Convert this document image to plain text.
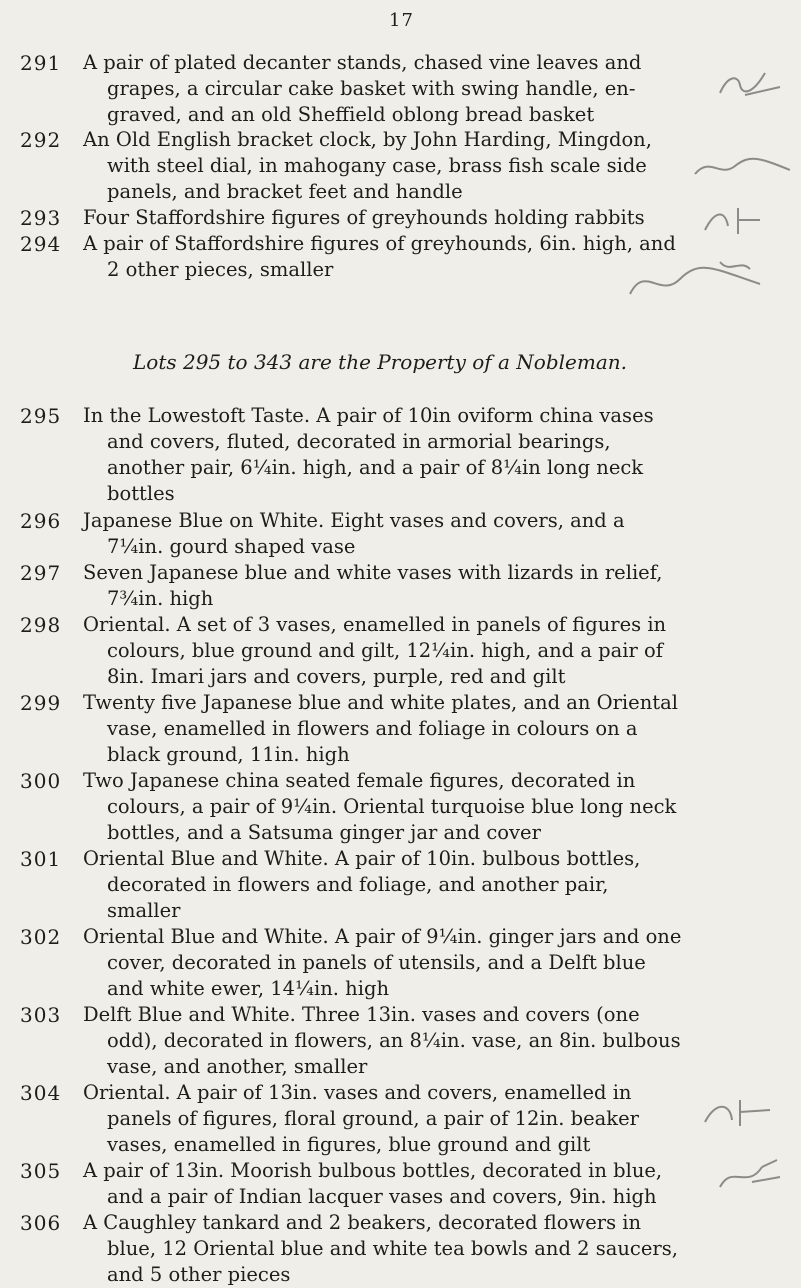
17
291	A pair of plated decanter stands, chased vine leaves and
grapes, a circular cake basket with swing handle, en-
graved, and an old Sheffield oblong bread basket
292	An Old English bracket clock, by John Harding, Mingdon,
with steel dial, in mahogany case, brass fish scale side
panels, and bracket feet and handle
293	Four Staffordshire figures of greyhounds holding rabbits
294	A pair of Staffordshire figures of greyhounds, 6in. high, and
2 other pieces, smaller
Lots 295 to 343 are the Property of a Nobleman.
295	In the Lowestoft Taste. A pair of 10in oviform china vases
and covers, fluted, decorated in armorial bearings,
another pair, 6¼in. high, and a pair of 8¼in long neck
bottles
296	Japanese Blue on White. Eight vases and covers, and a
7¼in. gourd shaped vase
297	Seven Japanese blue and white vases with lizards in relief,
7¾in. high
298	Oriental. A set of 3 vases, enamelled in panels of figures in
colours, blue ground and gilt, 12¼in. high, and a pair of
8in. Imari jars and covers, purple, red and gilt
299	Twenty five Japanese blue and white plates, and an Oriental
vase, enamelled in flowers and foliage in colours on a
black ground, 11in. high
300	Two Japanese china seated female figures, decorated in
colours, a pair of 9¼in. Oriental turquoise blue long neck
bottles, and a Satsuma ginger jar and cover
301	Oriental Blue and White. A pair of 10in. bulbous bottles,
decorated in flowers and foliage, and another pair,
smaller
302	Oriental Blue and White. A pair of 9¼in. ginger jars and one
cover, decorated in panels of utensils, and a Delft blue
and white ewer, 14¼in. high
303	Delft Blue and White. Three 13in. vases and covers (one
odd), decorated in flowers, an 8¼in. vase, an 8in. bulbous
vase, and another, smaller
304	Oriental. A pair of 13in. vases and covers, enamelled in
panels of figures, floral ground, a pair of 12in. beaker
vases, enamelled in figures, blue ground and gilt
305	A pair of 13in. Moorish bulbous bottles, decorated in blue,
and a pair of Indian lacquer vases and covers, 9in. high
306	A Caughley tankard and 2 beakers, decorated flowers in
blue, 12 Oriental blue and white tea bowls and 2 saucers,
and 5 other pieces
